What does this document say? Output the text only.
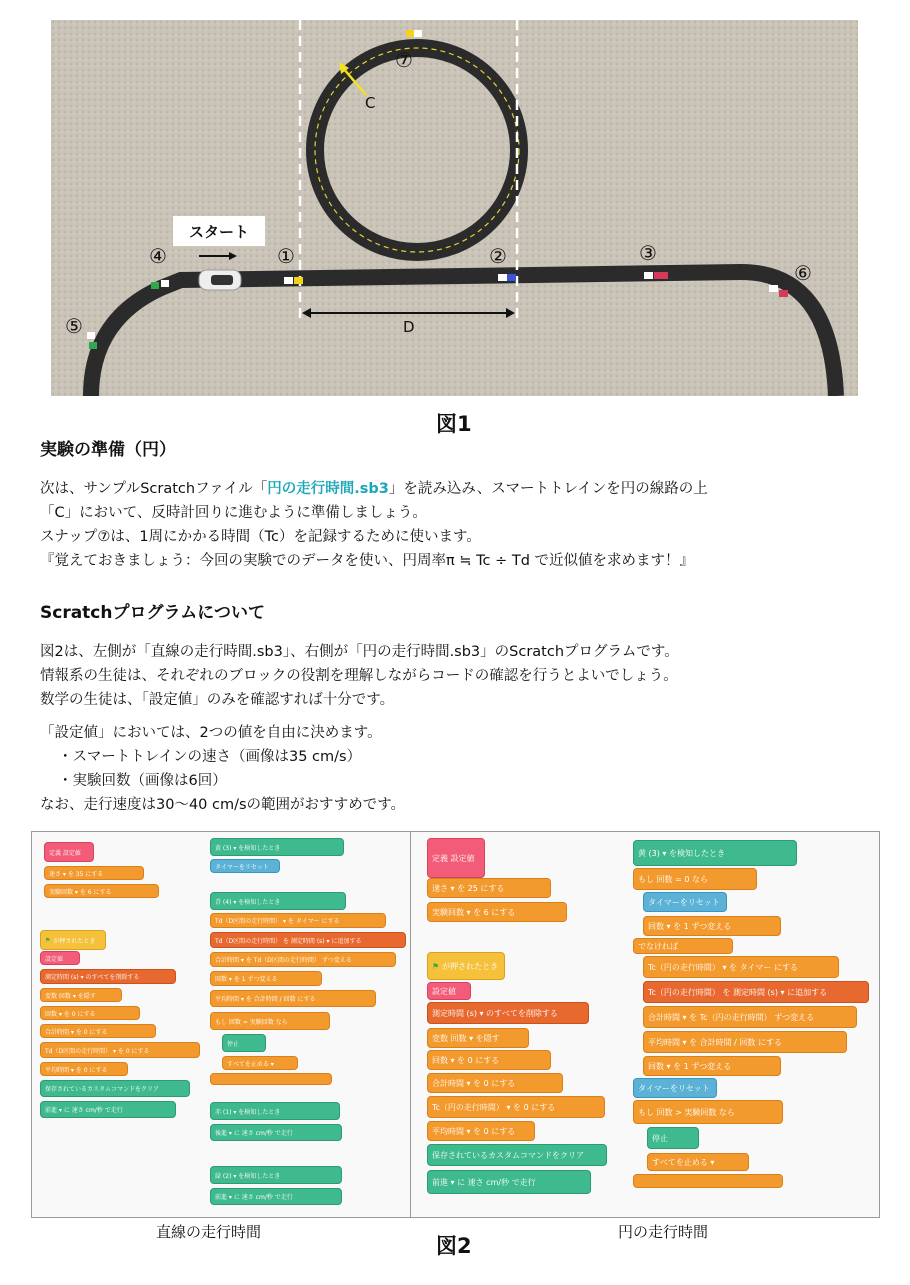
スタート
①	②	③
④
⑤
⑥
⑦
C
D
図1
実験の準備（円）
次は、サンプルScratchファイル「円の走行時間.sb3」を読み込み、スマートトレインを円の線路の上
「C」において、反時計回りに進むように準備しましょう。
スナップ⑦は、1周にかかる時間（Tc）を記録するために使います。
『覚えておきましょう：今回の実験でのデータを使い、円周率π ≒ Tc ÷ Td で近似値を求めます！』
Scratchプログラムについて
図2は、左側が「直線の走行時間.sb3」、右側が「円の走行時間.sb3」のScratchプログラムです。
情報系の生徒は、それぞれのブロックの役割を理解しながらコードの確認を行うとよいでしょう。
数学の生徒は、「設定値」のみを確認すれば十分です。
「設定値」においては、2つの値を自由に決めます。
・スマートトレインの速さ（画像は35 cm/s）
・実験回数（画像は6回）
なお、走行速度は30〜40 cm/sの範囲がおすすめです。
定義 設定値
速さ ▾ を 35 にする
実験回数 ▾ を 6 にする
⚑ が押されたとき
設定値
測定時間 (s) ▾ のすべてを削除する
変数 回数 ▾ を隠す
回数 ▾ を 0 にする
合計時間 ▾ を 0 にする
Td（D区間の走行時間） ▾ を 0 にする
平均時間 ▾ を 0 にする
保存されているカスタムコマンドをクリア
前進 ▾ に 速さ cm/秒 で走行
黄 (3) ▾ を検知したとき
タイマーをリセット
青 (4) ▾ を検知したとき
Td（D区間の走行時間） ▾ を タイマー にする
Td（D区間の走行時間） を 測定時間 (s) ▾ に追加する
合計時間 ▾ を Td（D区間の走行時間） ずつ変える
回数 ▾ を 1 ずつ変える
平均時間 ▾ を 合計時間 / 回数 にする
もし 回数 = 実験回数 なら
停止
すべてを止める ▾
赤 (1) ▾ を検知したとき
後進 ▾ に 速さ cm/秒 で走行
緑 (2) ▾ を検知したとき
前進 ▾ に 速さ cm/秒 で走行
定義 設定値
速さ ▾ を 25 にする
実験回数 ▾ を 6 にする
⚑ が押されたとき
設定値
測定時間 (s) ▾ のすべてを削除する
変数 回数 ▾ を隠す
回数 ▾ を 0 にする
合計時間 ▾ を 0 にする
Tc（円の走行時間） ▾ を 0 にする
平均時間 ▾ を 0 にする
保存されているカスタムコマンドをクリア
前進 ▾ に 速さ cm/秒 で走行
黄 (3) ▾ を検知したとき
もし 回数 = 0 なら
タイマーをリセット
回数 ▾ を 1 ずつ変える
でなければ
Tc（円の走行時間） ▾ を タイマー にする
Tc（円の走行時間） を 測定時間 (s) ▾ に追加する
合計時間 ▾ を Tc（円の走行時間） ずつ変える
平均時間 ▾ を 合計時間 / 回数 にする
回数 ▾ を 1 ずつ変える
タイマーをリセット
もし 回数 > 実験回数 なら
停止
すべてを止める ▾
直線の走行時間	円の走行時間
図2
